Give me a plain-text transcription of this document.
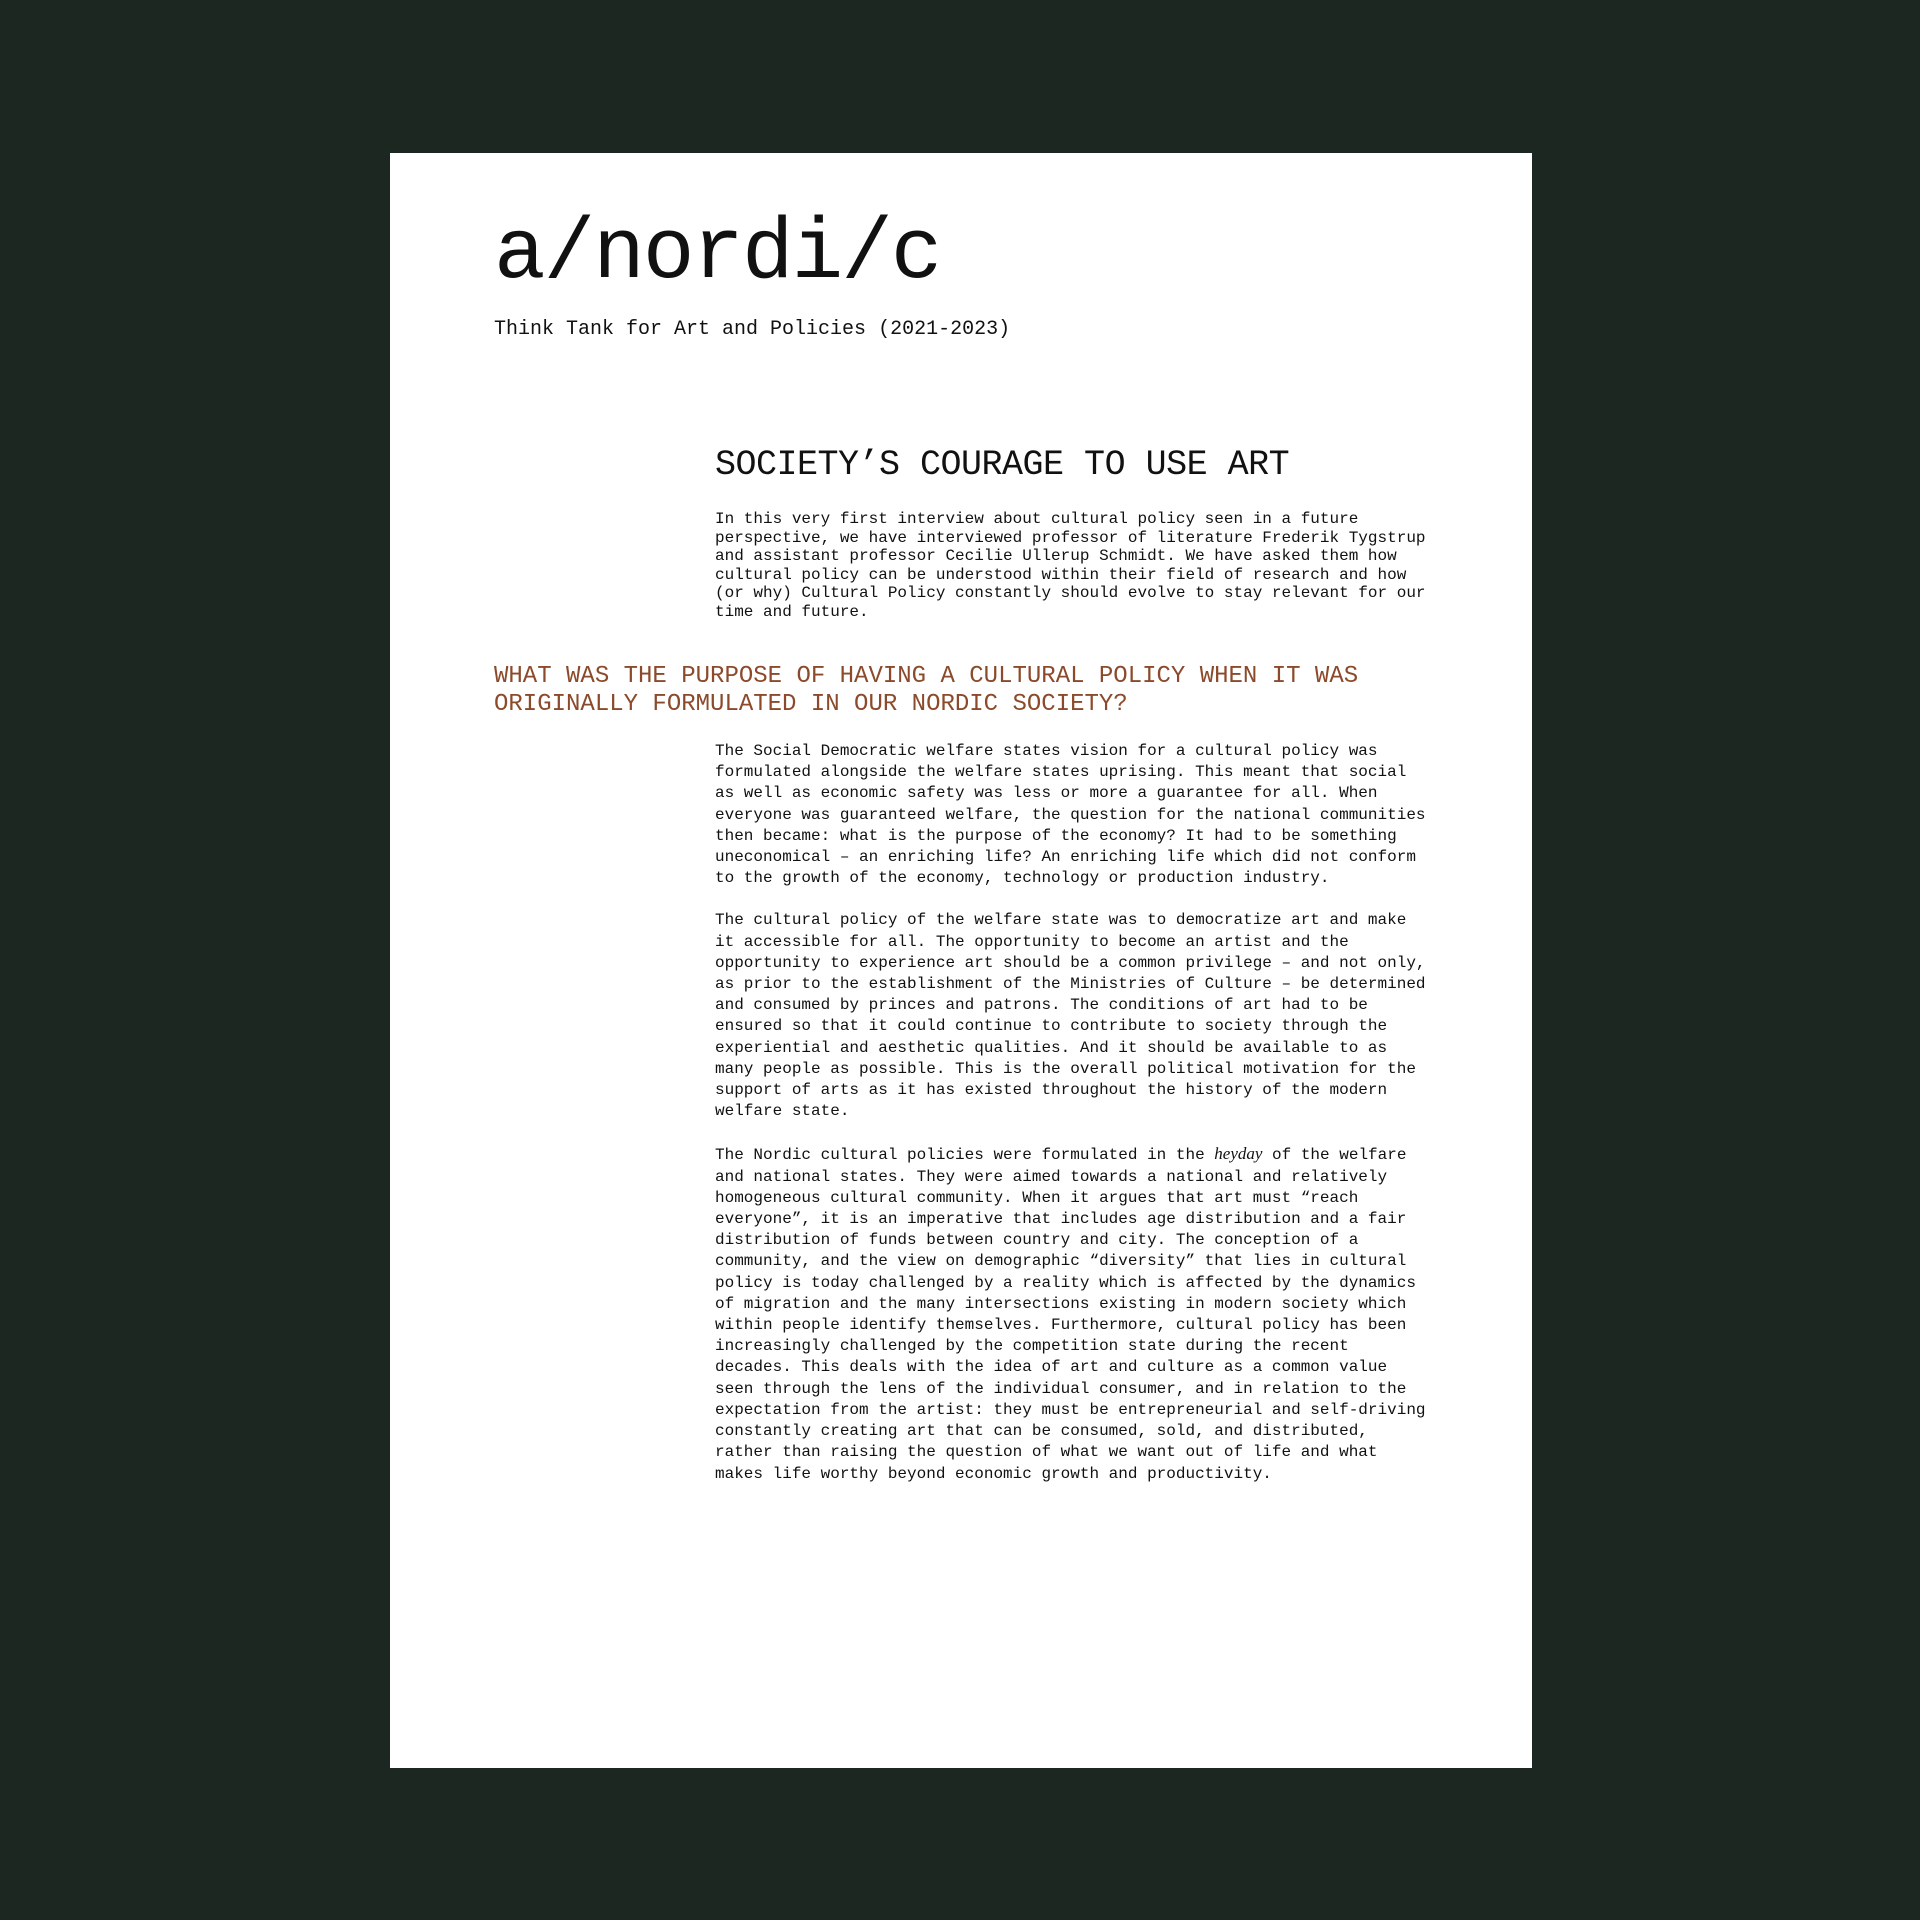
a/nordi/c
Think Tank for Art and Policies (2021-2023)
SOCIETY’S COURAGE TO USE ART

In this very first interview about cultural policy seen in a future perspective, we have interviewed professor of literature Frederik Tygstrup and assistant professor Cecilie Ullerup Schmidt. We have asked them how cultural policy can be understood within their field of research and how (or why) Cultural Policy constantly should evolve to stay relevant for our time and future.

WHAT WAS THE PURPOSE OF HAVING A CULTURAL POLICY WHEN IT WAS ORIGINALLY FORMULATED IN OUR NORDIC SOCIETY?

The Social Democratic welfare states vision for a cultural policy was formulated alongside the welfare states uprising. This meant that social as well as economic safety was less or more a guarantee for all. When everyone was guaranteed welfare, the question for the national communities then became: what is the purpose of the economy? It had to be something uneconomical – an enriching life? An enriching life which did not conform to the growth of the economy, technology or production industry.

The cultural policy of the welfare state was to democratize art and make it accessible for all. The opportunity to become an artist and the opportunity to experience art should be a common privilege – and not only, as prior to the establishment of the Ministries of Culture – be determined and consumed by princes and patrons. The conditions of art had to be ensured so that it could continue to contribute to society through the experiential and aesthetic qualities. And it should be available to as many people as possible. This is the overall political motivation for the support of arts as it has existed throughout the history of the modern welfare state.

The Nordic cultural policies were formulated in the heyday of the welfare and national states. They were aimed towards a national and relatively homogeneous cultural community. When it argues that art must “reach everyone”, it is an imperative that includes age distribution and a fair distribution of funds between country and city. The conception of a community, and the view on demographic “diversity” that lies in cultural policy is today challenged by a reality which is affected by the dynamics of migration and the many intersections existing in modern society which within people identify themselves. Furthermore, cultural policy has been increasingly challenged by the competition state during the recent decades. This deals with the idea of art and culture as a common value seen through the lens of the individual consumer, and in relation to the expectation from the artist: they must be entrepreneurial and self-driving constantly creating art that can be consumed, sold, and distributed, rather than raising the question of what we want out of life and what makes life worthy beyond economic growth and productivity.
